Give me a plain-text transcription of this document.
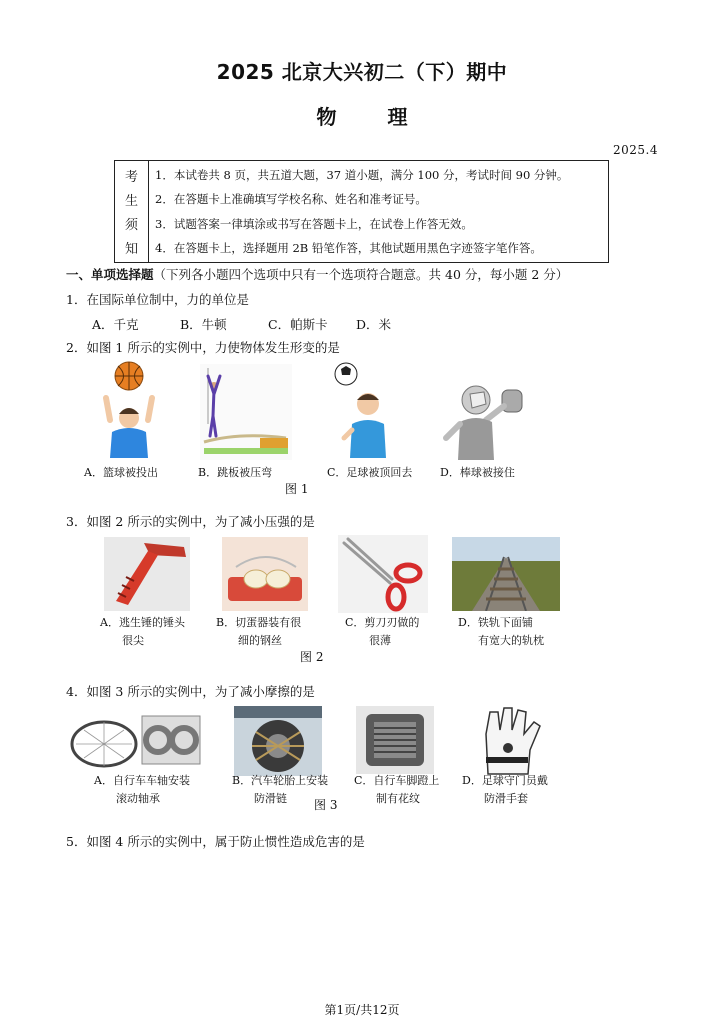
2025 北京大兴初二（下）期中
物	理
2025.4
考
生
须
知
1．本试卷共 8 页，共五道大题，37 道小题，满分 100 分，考试时间 90 分钟。
2．在答题卡上准确填写学校名称、姓名和准考证号。
3．试题答案一律填涂或书写在答题卡上，在试卷上作答无效。
4．在答题卡上，选择题用 2B 铅笔作答，其他试题用黑色字迹签字笔作答。
一、单项选择题（下列各小题四个选项中只有一个选项符合题意。共 40 分，每小题 2 分）
1．在国际单位制中，力的单位是
A．千克	B．牛顿	C．帕斯卡	D．米
2．如图 1 所示的实例中，力使物体发生形变的是
A．篮球被投出	B．跳板被压弯	C．足球被顶回去	D．棒球被接住
图 1
3．如图 2 所示的实例中，为了减小压强的是
A．逃生锤的锤头
很尖
B．切蛋器装有很
细的钢丝
C．剪刀刃做的
很薄
D．铁轨下面铺
有宽大的轨枕
图 2
4．如图 3 所示的实例中，为了减小摩擦的是
A．自行车车轴安装
滚动轴承
B．汽车轮胎上安装
防滑链
C．自行车脚蹬上
制有花纹
D．足球守门员戴
防滑手套
图 3
5．如图 4 所示的实例中，属于防止惯性造成危害的是
第1页/共12页
